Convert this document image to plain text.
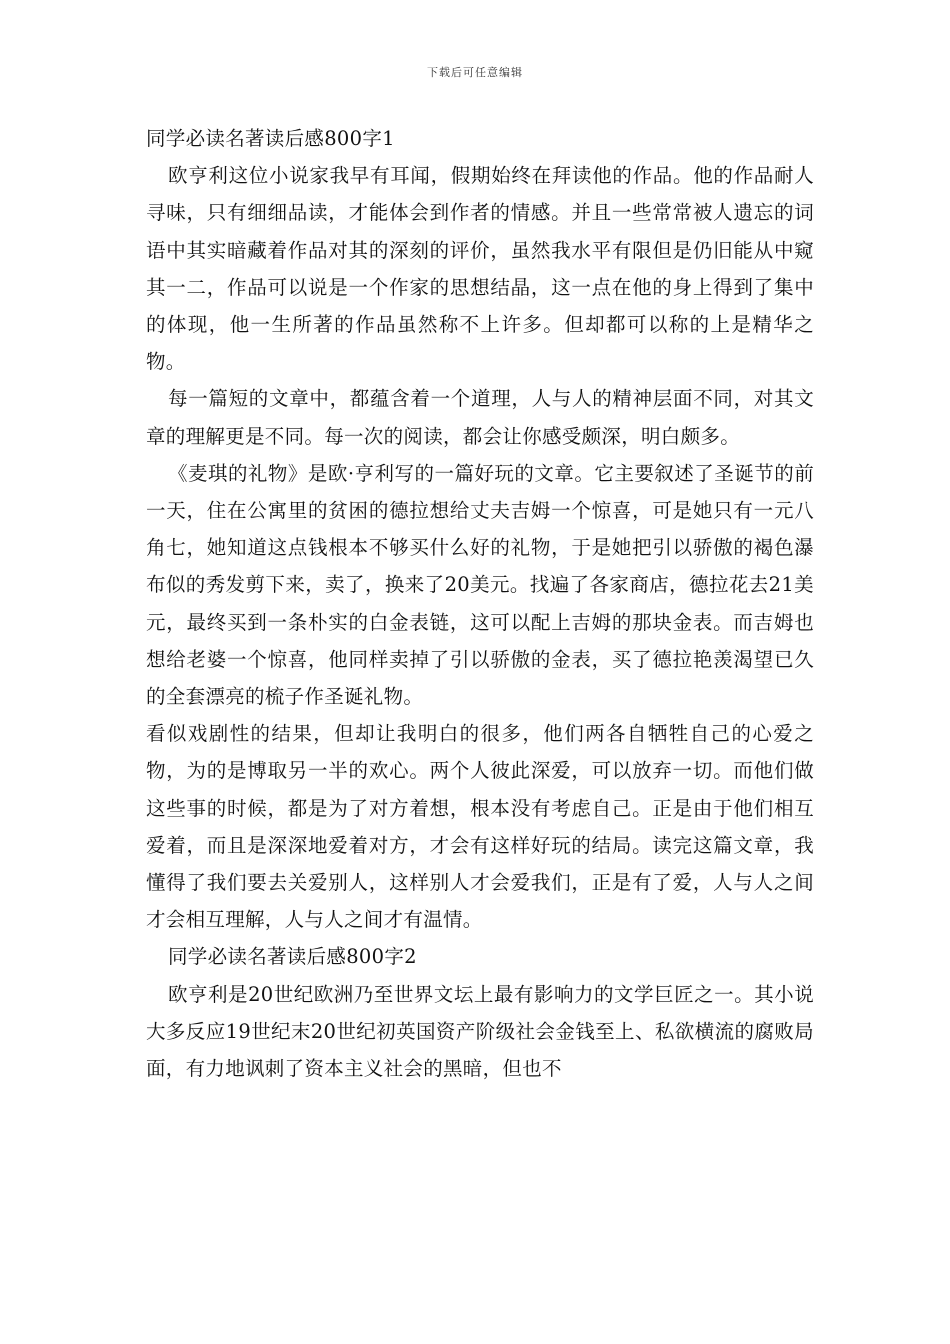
下载后可任意编辑

同学必读名著读后感800字1

欧亨利这位小说家我早有耳闻，假期始终在拜读他的作品。他的作品耐人寻味，只有细细品读，才能体会到作者的情感。并且一些常常被人遗忘的词语中其实暗藏着作品对其的深刻的评价，虽然我水平有限但是仍旧能从中窥其一二，作品可以说是一个作家的思想结晶，这一点在他的身上得到了集中的体现，他一生所著的作品虽然称不上许多。但却都可以称的上是精华之物。

每一篇短的文章中，都蕴含着一个道理，人与人的精神层面不同，对其文章的理解更是不同。每一次的阅读，都会让你感受颇深，明白颇多。

《麦琪的礼物》是欧·亨利写的一篇好玩的文章。它主要叙述了圣诞节的前一天，住在公寓里的贫困的德拉想给丈夫吉姆一个惊喜，可是她只有一元八角七，她知道这点钱根本不够买什么好的礼物，于是她把引以骄傲的褐色瀑布似的秀发剪下来，卖了，换来了20美元。找遍了各家商店，德拉花去21美元，最终买到一条朴实的白金表链，这可以配上吉姆的那块金表。而吉姆也想给老婆一个惊喜，他同样卖掉了引以骄傲的金表，买了德拉艳羡渴望已久的全套漂亮的梳子作圣诞礼物。

看似戏剧性的结果，但却让我明白的很多，他们两各自牺牲自己的心爱之物，为的是博取另一半的欢心。两个人彼此深爱，可以放弃一切。而他们做这些事的时候，都是为了对方着想，根本没有考虑自己。正是由于他们相互爱着，而且是深深地爱着对方，才会有这样好玩的结局。读完这篇文章，我懂得了我们要去关爱别人，这样别人才会爱我们，正是有了爱，人与人之间才会相互理解，人与人之间才有温情。

同学必读名著读后感800字2

欧亨利是20世纪欧洲乃至世界文坛上最有影响力的文学巨匠之一。其小说大多反应19世纪末20世纪初英国资产阶级社会金钱至上、私欲横流的腐败局面，有力地讽刺了资本主义社会的黑暗，但也不
